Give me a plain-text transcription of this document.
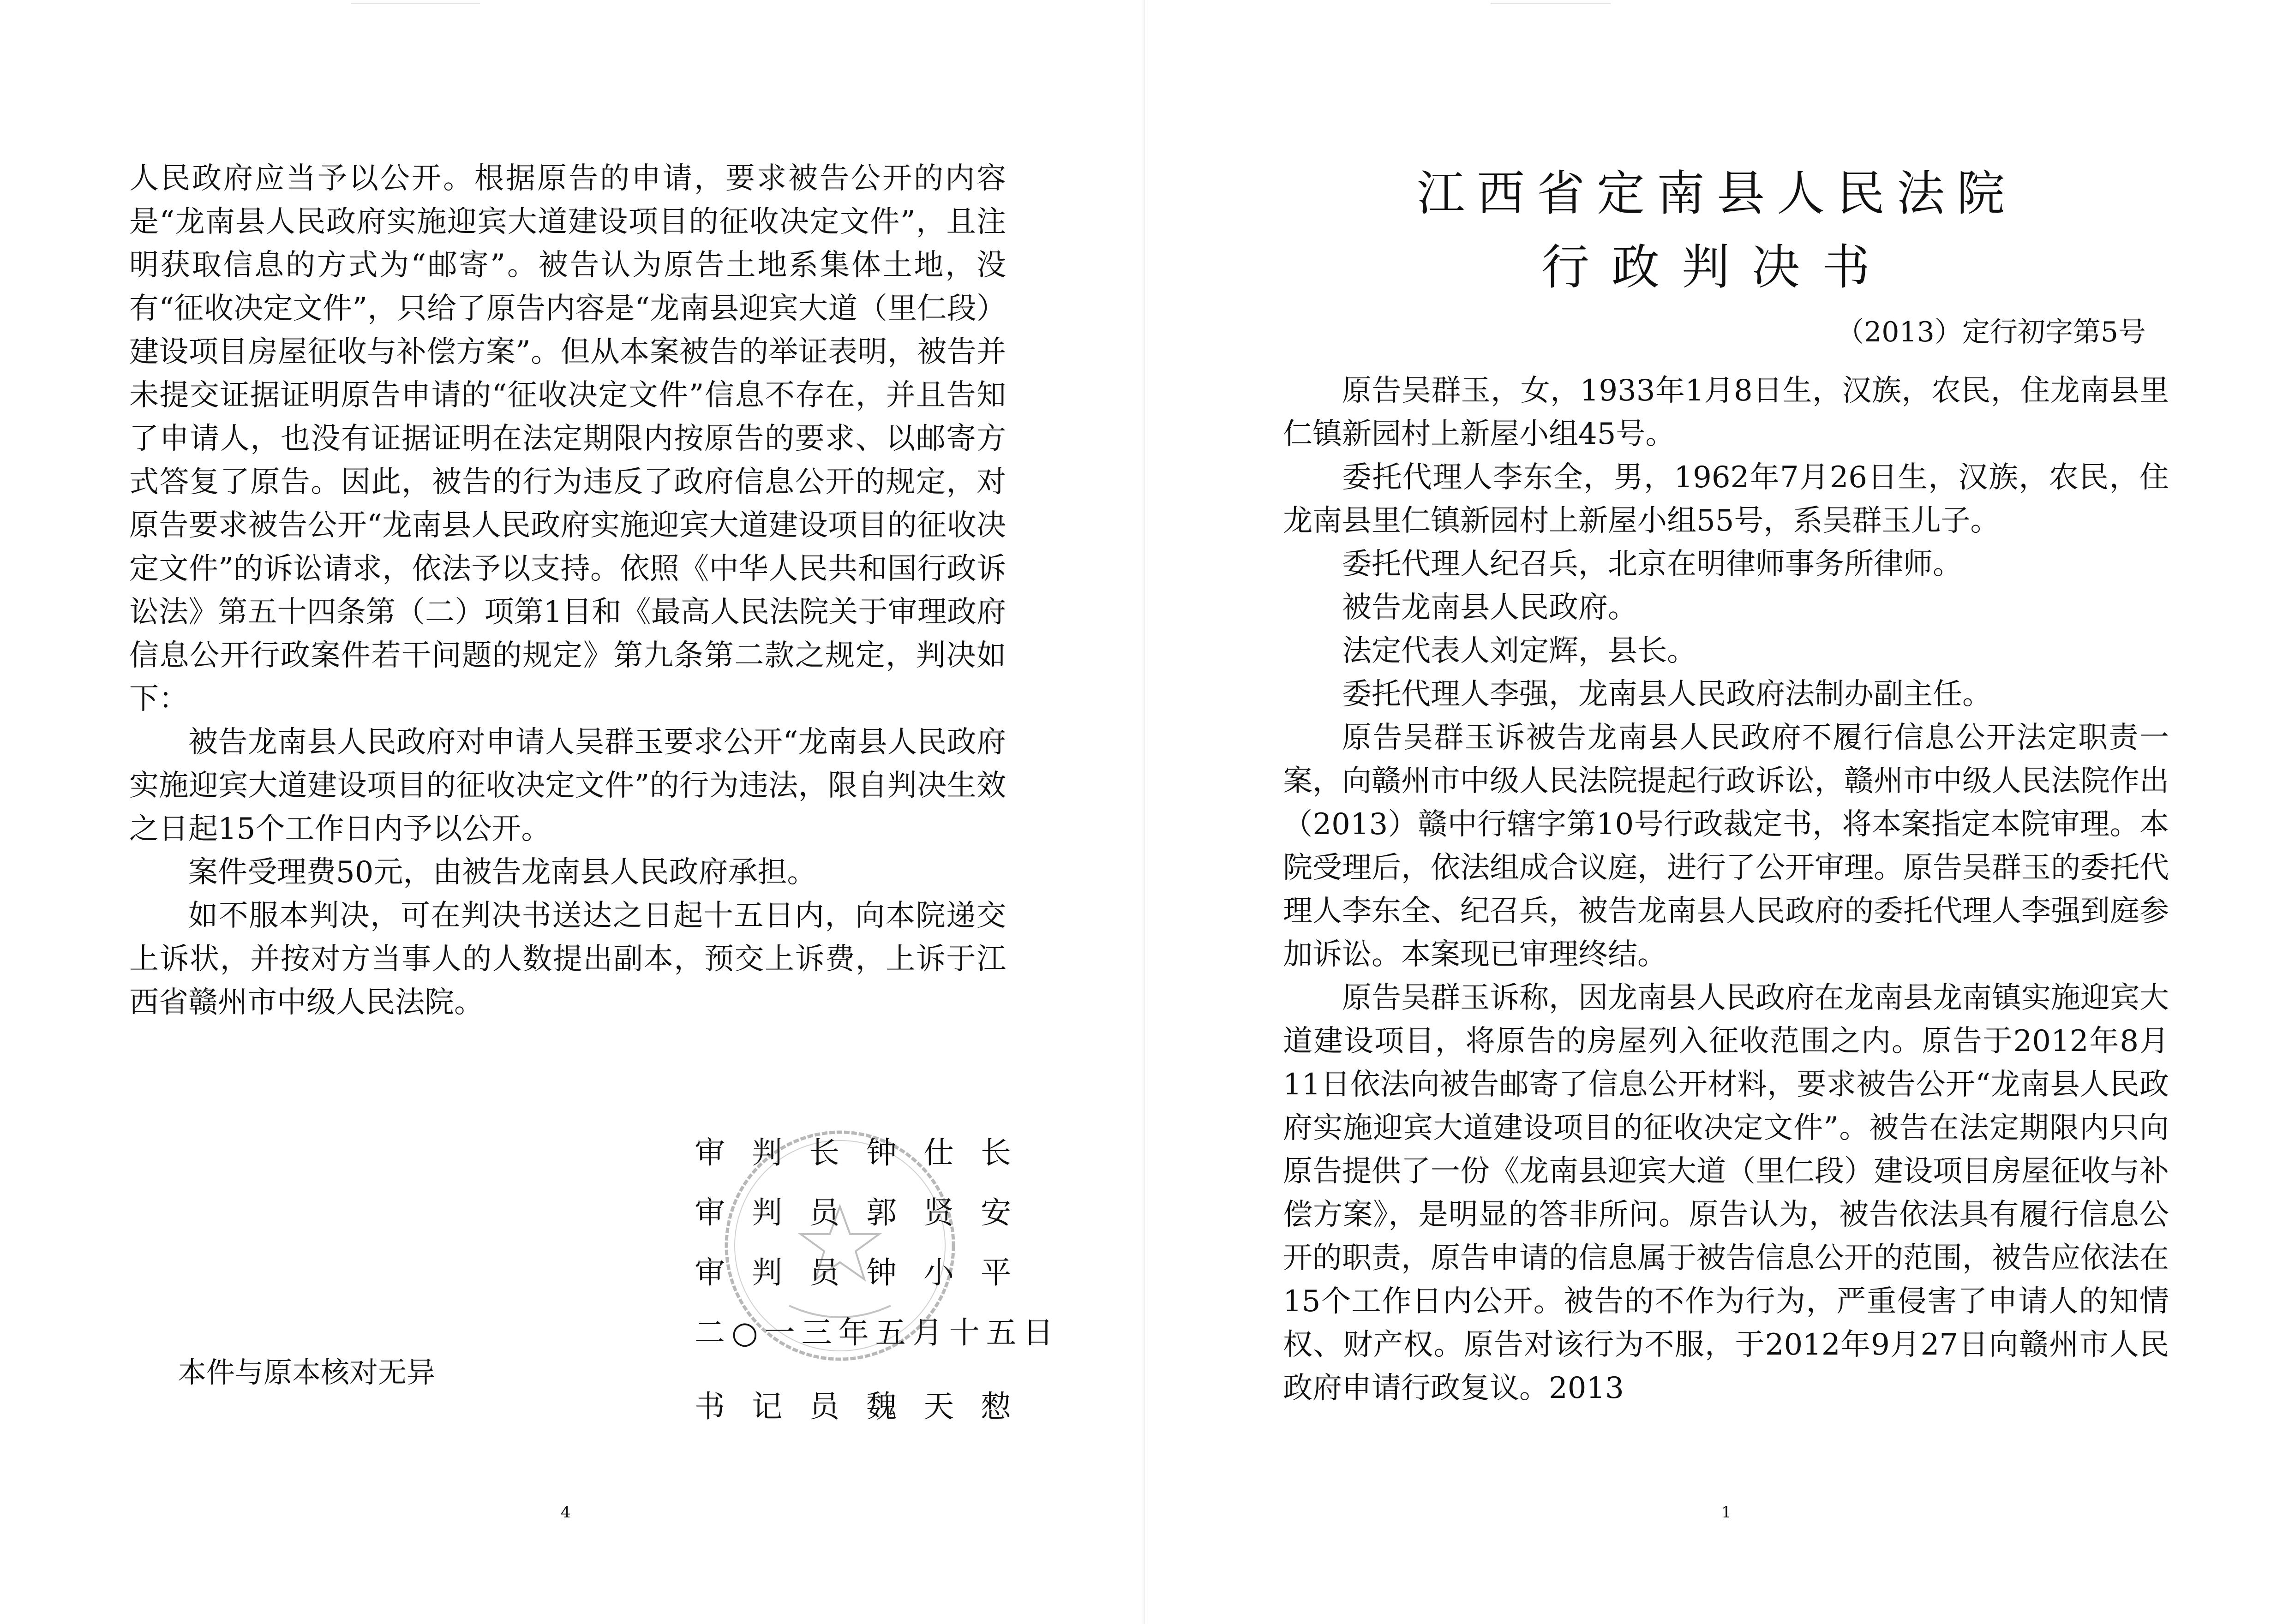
人民政府应当予以公开。根据原告的申请，要求被告公开的内容是“龙南县人民政府实施迎宾大道建设项目的征收决定文件”，且注明获取信息的方式为“邮寄”。被告认为原告土地系集体土地，没有“征收决定文件”，只给了原告内容是“龙南县迎宾大道（里仁段）建设项目房屋征收与补偿方案”。但从本案被告的举证表明，被告并未提交证据证明原告申请的“征收决定文件”信息不存在，并且告知了申请人，也没有证据证明在法定期限内按原告的要求、以邮寄方式答复了原告。因此，被告的行为违反了政府信息公开的规定，对原告要求被告公开“龙南县人民政府实施迎宾大道建设项目的征收决定文件”的诉讼请求，依法予以支持。依照《中华人民共和国行政诉讼法》第五十四条第（二）项第1目和《最高人民法院关于审理政府信息公开行政案件若干问题的规定》第九条第二款之规定，判决如下：

被告龙南县人民政府对申请人吴群玉要求公开“龙南县人民政府实施迎宾大道建设项目的征收决定文件”的行为违法，限自判决生效之日起15个工作日内予以公开。

案件受理费50元，由被告龙南县人民政府承担。

如不服本判决，可在判决书送达之日起十五日内，向本院递交上诉状，并按对方当事人的人数提出副本，预交上诉费，上诉于江西省赣州市中级人民法院。

审判长钟仕长
审判员郭贤安
审判员钟小平
二○一三年五月十五日
书记员魏天愸
本件与原本核对无异
4
江西省定南县人民法院
行政判决书
（2013）定行初字第5号

原告吴群玉，女，1933年1月8日生，汉族，农民，住龙南县里仁镇新园村上新屋小组45号。

委托代理人李东全，男，1962年7月26日生，汉族，农民，住龙南县里仁镇新园村上新屋小组55号，系吴群玉儿子。

委托代理人纪召兵，北京在明律师事务所律师。

被告龙南县人民政府。

法定代表人刘定辉，县长。

委托代理人李强，龙南县人民政府法制办副主任。

原告吴群玉诉被告龙南县人民政府不履行信息公开法定职责一案，向赣州市中级人民法院提起行政诉讼，赣州市中级人民法院作出（2013）赣中行辖字第10号行政裁定书，将本案指定本院审理。本院受理后，依法组成合议庭，进行了公开审理。原告吴群玉的委托代理人李东全、纪召兵，被告龙南县人民政府的委托代理人李强到庭参加诉讼。本案现已审理终结。

原告吴群玉诉称，因龙南县人民政府在龙南县龙南镇实施迎宾大道建设项目，将原告的房屋列入征收范围之内。原告于2012年8月11日依法向被告邮寄了信息公开材料，要求被告公开“龙南县人民政府实施迎宾大道建设项目的征收决定文件”。被告在法定期限内只向原告提供了一份《龙南县迎宾大道（里仁段）建设项目房屋征收与补偿方案》，是明显的答非所问。原告认为，被告依法具有履行信息公开的职责，原告申请的信息属于被告信息公开的范围，被告应依法在15个工作日内公开。被告的不作为行为，严重侵害了申请人的知情权、财产权。原告对该行为不服，于2012年9月27日向赣州市人民政府申请行政复议。2013

1
